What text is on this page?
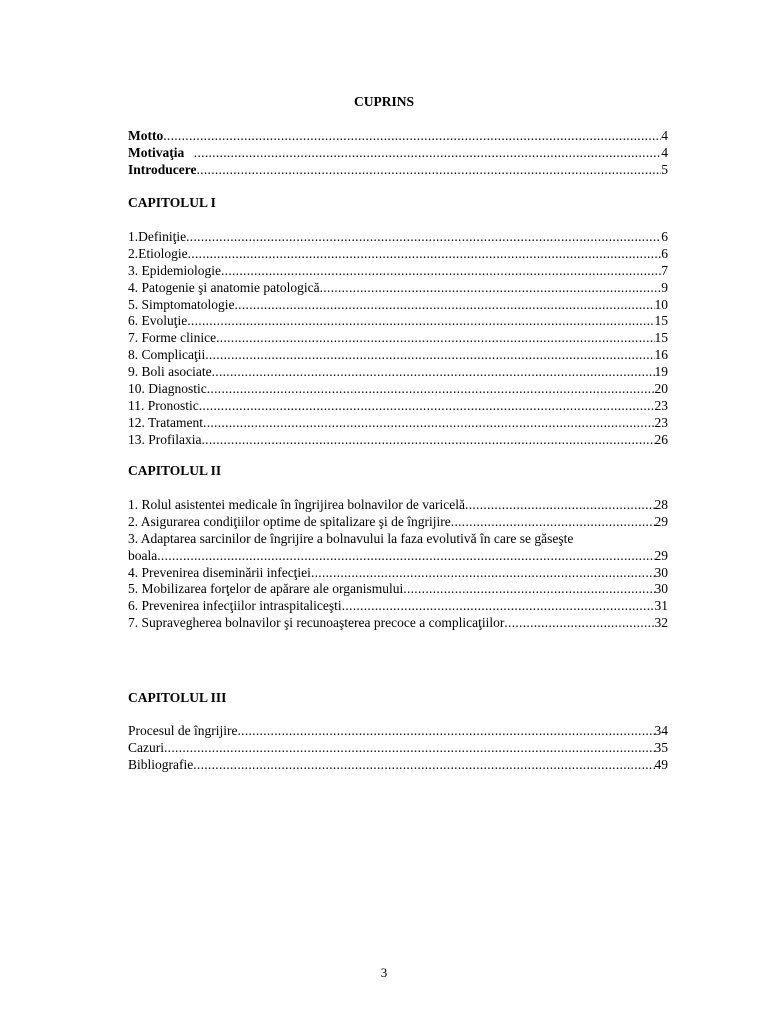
CUPRINS
Motto .....	4
Motivaţia .....	4
Introducere .....	5
CAPITOLUL I
1.Definiţie .....	6
2.Etiologie .....	6
3. Epidemiologie .....	7
4. Patogenie şi anatomie patologică .....	9
5. Simptomatologie .....	10
6. Evoluţie .....	15
7. Forme clinice .....	15
8. Complicaţii .....	16
9. Boli asociate .....	19
10. Diagnostic .....	20
11. Pronostic .....	23
12. Tratament .....	23
13. Profilaxia .....	26
CAPITOLUL II
1. Rolul asistentei medicale în îngrijirea bolnavilor de varicelă .....	28
2. Asigurarea condiţiilor optime de spitalizare şi de îngrijire .....	29
3. Adaptarea sarcinilor de îngrijire a bolnavului la faza evolutivă în care se găseşte
boala .....	29
4. Prevenirea diseminării infecţiei .....	30
5. Mobilizarea forţelor de apărare ale organismului .....	30
6. Prevenirea infecţiilor intraspitaliceşti .....	31
7. Supravegherea bolnavilor şi recunoaşterea precoce a complicaţiilor .....	32
CAPITOLUL III
Procesul de îngrijire .....	34
Cazuri .....	35
Bibliografie .....	49
3
